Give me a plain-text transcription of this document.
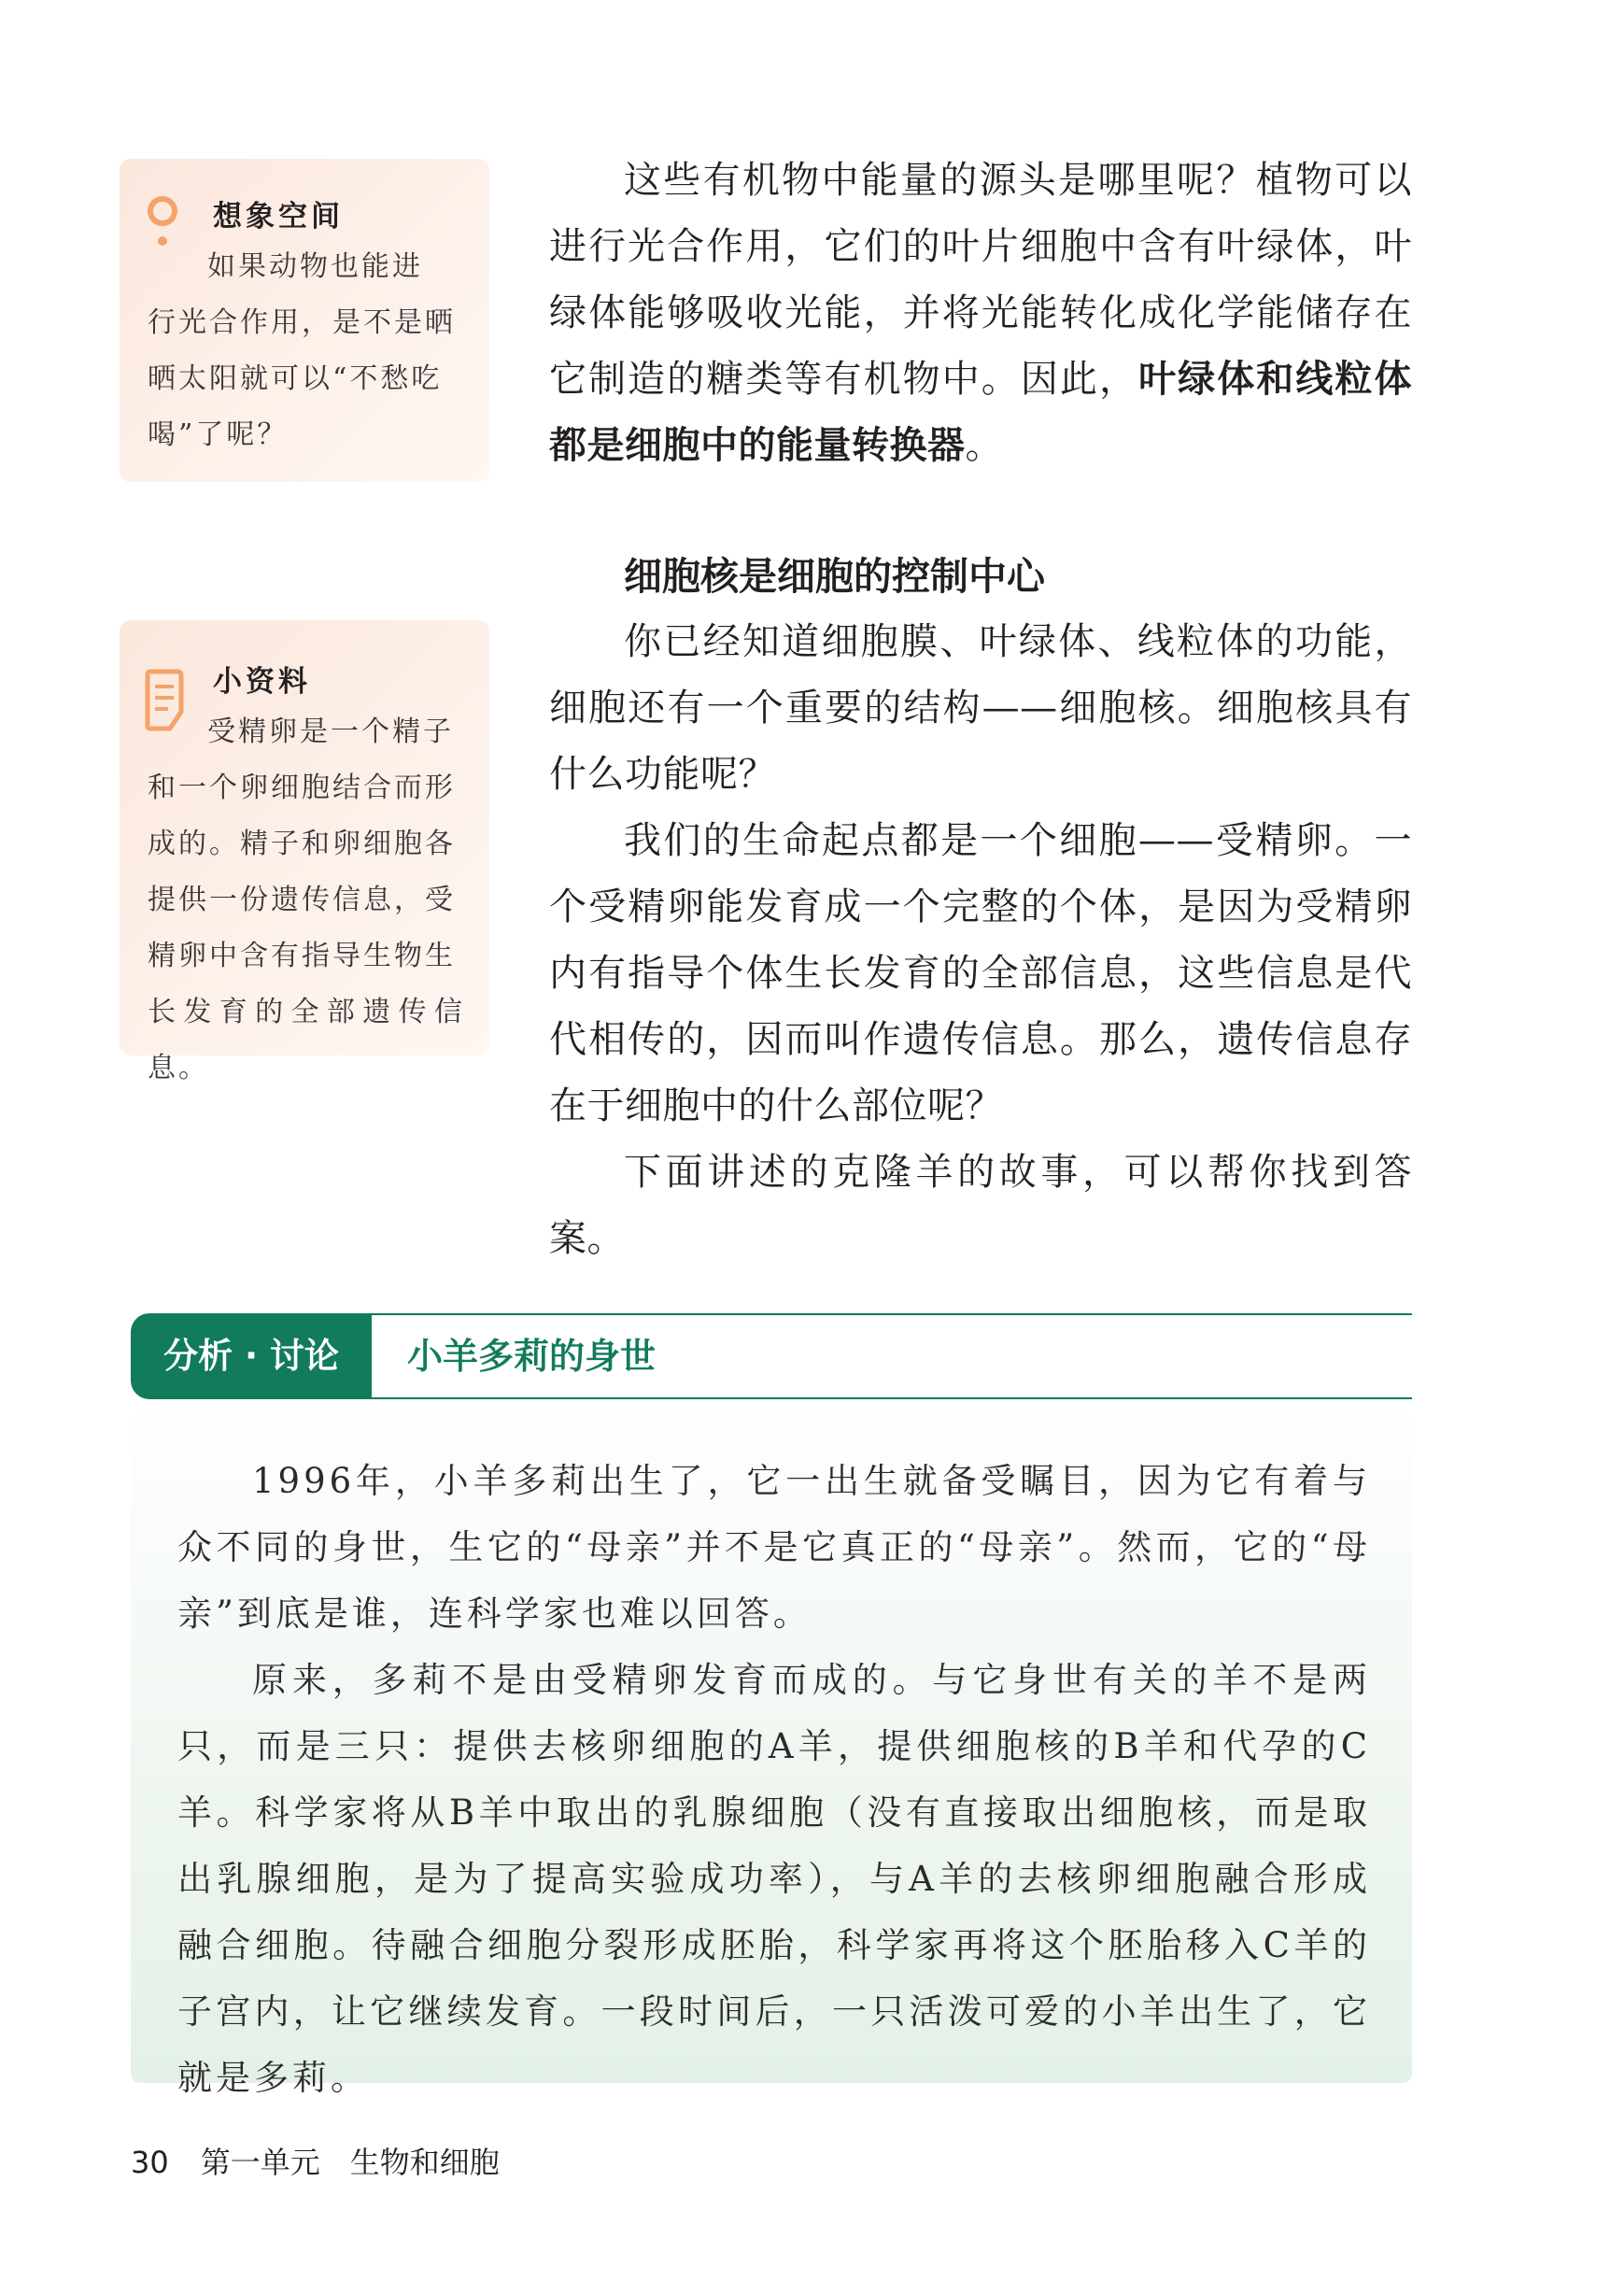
想象空间

如果动物也能进

行光合作用，是不是晒

晒太阳就可以“不愁吃

喝”了呢？

小资料

受精卵是一个精子

和一个卵细胞结合而形

成的。精子和卵细胞各

提供一份遗传信息，受

精卵中含有指导生物生

长发育的全部遗传信息。

这些有机物中能量的源头是哪里呢？植物可以进行光合作用，它们的叶片细胞中含有叶绿体，叶绿体能够吸收光能，并将光能转化成化学能储存在它制造的糖类等有机物中。因此，叶绿体和线粒体都是细胞中的能量转换器。

细胞核是细胞的控制中心

你已经知道细胞膜、叶绿体、线粒体的功能，细胞还有一个重要的结构——细胞核。细胞核具有什么功能呢？

我们的生命起点都是一个细胞——受精卵。一个受精卵能发育成一个完整的个体，是因为受精卵内有指导个体生长发育的全部信息，这些信息是代代相传的，因而叫作遗传信息。那么，遗传信息存在于细胞中的什么部位呢？

下面讲述的克隆羊的故事，可以帮你找到答案。

分析 · 讨论	小羊多莉的身世

1996年，小羊多莉出生了，它一出生就备受瞩目，因为它有着与众不同的身世，生它的“母亲”并不是它真正的“母亲”。然而，它的“母亲”到底是谁，连科学家也难以回答。

原来，多莉不是由受精卵发育而成的。与它身世有关的羊不是两只，而是三只：提供去核卵细胞的A羊，提供细胞核的B羊和代孕的C羊。科学家将从B羊中取出的乳腺细胞（没有直接取出细胞核，而是取出乳腺细胞，是为了提高实验成功率），与A羊的去核卵细胞融合形成融合细胞。待融合细胞分裂形成胚胎，科学家再将这个胚胎移入C羊的子宫内，让它继续发育。一段时间后，一只活泼可爱的小羊出生了，它就是多莉。

30 第一单元　生物和细胞
